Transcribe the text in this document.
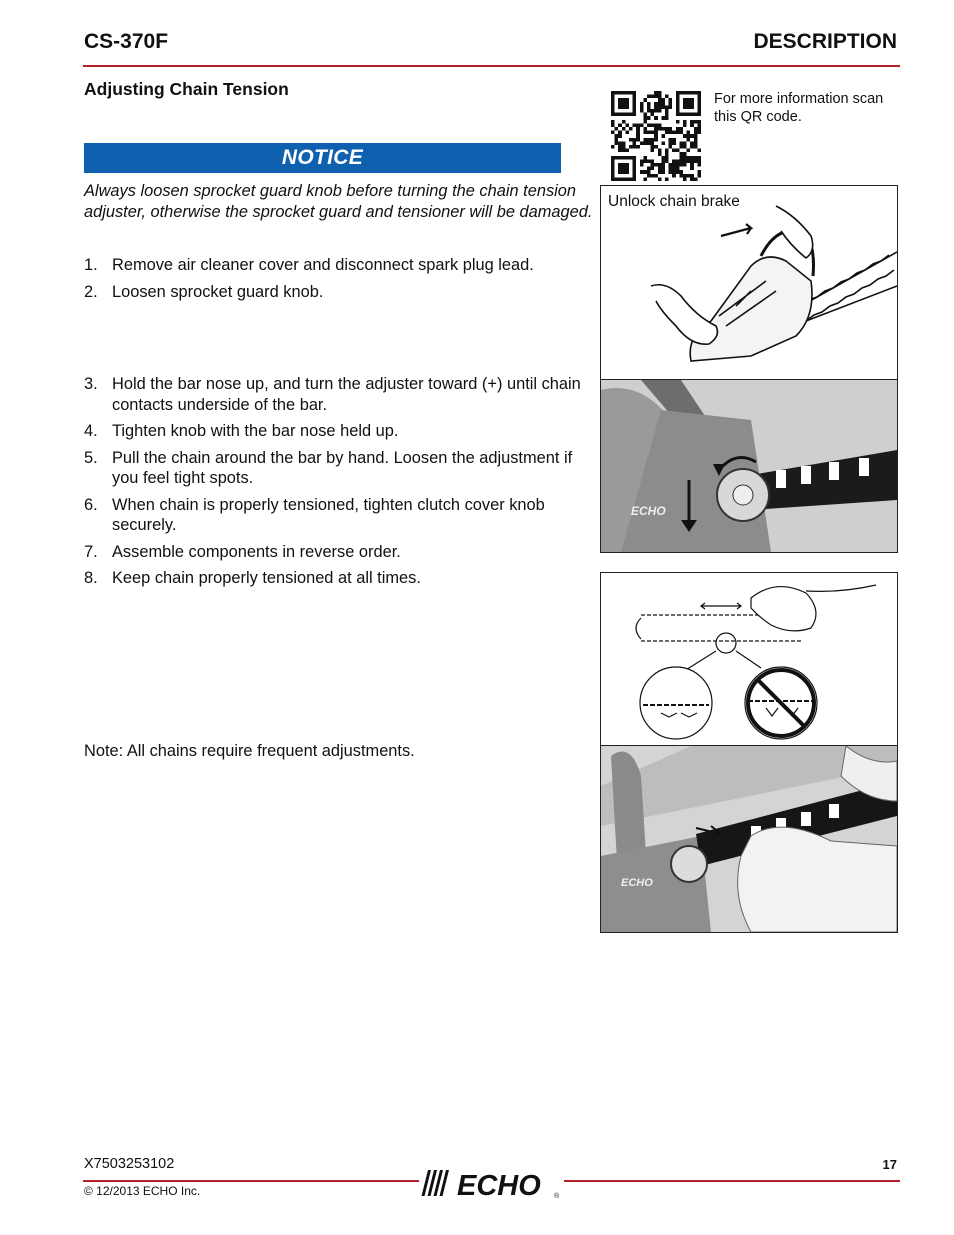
CS-370F	DESCRIPTION
Adjusting Chain Tension
NOTICE
Always loosen sprocket guard knob before turning the chain tension adjuster, otherwise the sprocket guard and tensioner will be damaged.
1. Remove air cleaner cover and disconnect spark plug lead.
2. Loosen sprocket guard knob.
3. Hold the bar nose up, and turn the adjuster toward (+) until chain contacts underside of the bar.
4. Tighten knob with the bar nose held up.
5. Pull the chain around the bar by hand. Loosen the adjustment if you feel tight spots.
6. When chain is properly tensioned, tighten clutch cover knob securely.
7. Assemble components in reverse order.
8. Keep chain properly tensioned at all times.
Note: All chains require frequent adjustments.
For more information scan this QR code.
Unlock chain brake
ECHO
ECHO
X7503253102	17
ECHO ®
© 12/2013 ECHO Inc.
